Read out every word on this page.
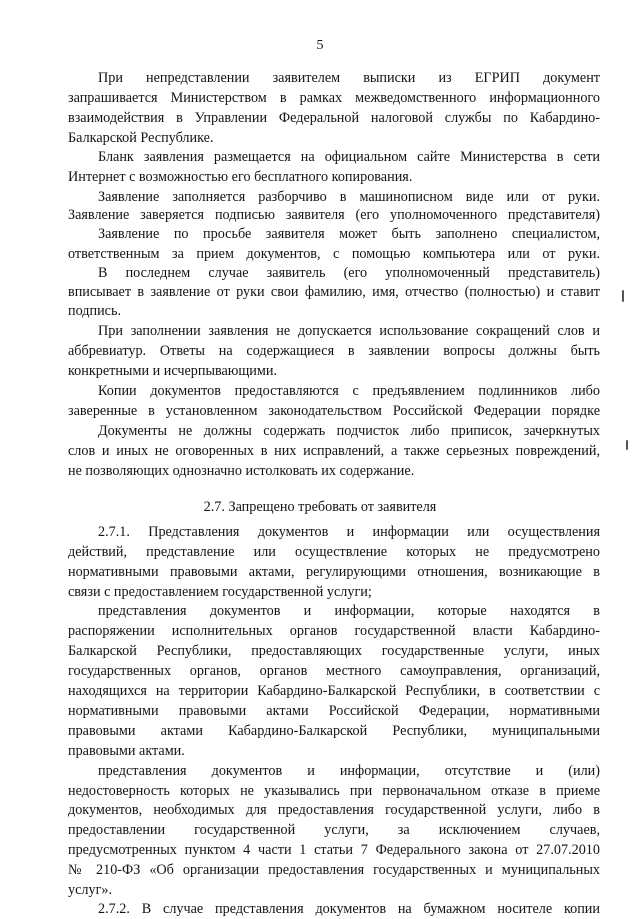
5
При непредставлении заявителем выписки из ЕГРИП документ
запрашивается Министерством в рамках межведомственного информационного
взаимодействия в Управлении Федеральной налоговой службы по Кабардино-
Балкарской Республике.
Бланк заявления размещается на официальном сайте Министерства в сети
Интернет с возможностью его бесплатного копирования.
Заявление заполняется разборчиво в машинописном виде или от руки.
Заявление заверяется подписью заявителя (его уполномоченного представителя)
Заявление по просьбе заявителя может быть заполнено специалистом,
ответственным за прием документов, с помощью компьютера или от руки.
В последнем случае заявитель (его уполномоченный представитель)
вписывает в заявление от руки свои фамилию, имя, отчество (полностью) и ставит
подпись.
При заполнении заявления не допускается использование сокращений слов и
аббревиатур. Ответы на содержащиеся в заявлении вопросы должны быть
конкретными и исчерпывающими.
Копии документов предоставляются с предъявлением подлинников либо
заверенные в установленном законодательством Российской Федерации порядке
Документы не должны содержать подчисток либо приписок, зачеркнутых
слов и иных не оговоренных в них исправлений, а также серьезных повреждений,
не позволяющих однозначно истолковать их содержание.
2.7. Запрещено требовать от заявителя
2.7.1. Представления документов и информации или осуществления
действий, представление или осуществление которых не предусмотрено
нормативными правовыми актами, регулирующими отношения, возникающие в
связи с предоставлением государственной услуги;
представления документов и информации, которые находятся в
распоряжении исполнительных органов государственной власти Кабардино-
Балкарской Республики, предоставляющих государственные услуги, иных
государственных органов, органов местного самоуправления, организаций,
находящихся на территории Кабардино-Балкарской Республики, в соответствии с
нормативными правовыми актами Российской Федерации, нормативными
правовыми актами Кабардино-Балкарской Республики, муниципальными
правовыми актами.
представления документов и информации, отсутствие и (или)
недостоверность которых не указывались при первоначальном отказе в приеме
документов, необходимых для предоставления государственной услуги, либо в
предоставлении государственной услуги, за исключением случаев,
предусмотренных пунктом 4 части 1 статьи 7 Федерального закона от 27.07.2010
№ 210-ФЗ «Об организации предоставления государственных и муниципальных
услуг».
2.7.2. В случае представления документов на бумажном носителе копии
